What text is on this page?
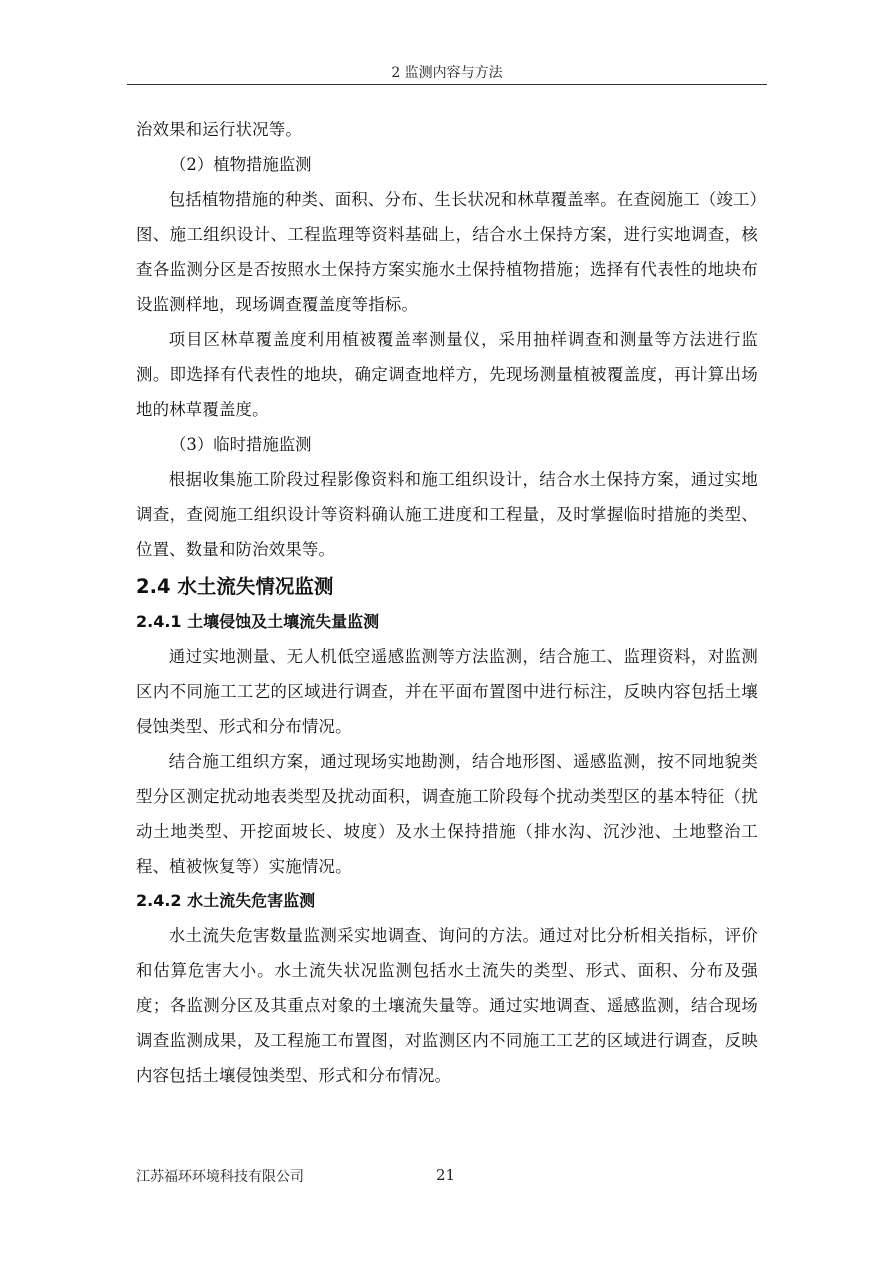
2 监测内容与方法

治效果和运行状况等。

（2）植物措施监测

包括植物措施的种类、面积、分布、生长状况和林草覆盖率。在查阅施工（竣工）图、施工组织设计、工程监理等资料基础上，结合水土保持方案，进行实地调查，核查各监测分区是否按照水土保持方案实施水土保持植物措施；选择有代表性的地块布设监测样地，现场调查覆盖度等指标。

项目区林草覆盖度利用植被覆盖率测量仪，采用抽样调查和测量等方法进行监测。即选择有代表性的地块，确定调查地样方，先现场测量植被覆盖度，再计算出场地的林草覆盖度。

（3）临时措施监测

根据收集施工阶段过程影像资料和施工组织设计，结合水土保持方案，通过实地调查，查阅施工组织设计等资料确认施工进度和工程量，及时掌握临时措施的类型、位置、数量和防治效果等。

2.4 水土流失情况监测
2.4.1 土壤侵蚀及土壤流失量监测

通过实地测量、无人机低空遥感监测等方法监测，结合施工、监理资料，对监测区内不同施工工艺的区域进行调查，并在平面布置图中进行标注，反映内容包括土壤侵蚀类型、形式和分布情况。

结合施工组织方案，通过现场实地勘测，结合地形图、遥感监测，按不同地貌类型分区测定扰动地表类型及扰动面积，调查施工阶段每个扰动类型区的基本特征（扰动土地类型、开挖面坡长、坡度）及水土保持措施（排水沟、沉沙池、土地整治工程、植被恢复等）实施情况。

2.4.2 水土流失危害监测

水土流失危害数量监测采实地调查、询问的方法。通过对比分析相关指标，评价和估算危害大小。水土流失状况监测包括水土流失的类型、形式、面积、分布及强度；各监测分区及其重点对象的土壤流失量等。通过实地调查、遥感监测，结合现场调查监测成果，及工程施工布置图，对监测区内不同施工工艺的区域进行调查，反映内容包括土壤侵蚀类型、形式和分布情况。

江苏福环环境科技有限公司	21
